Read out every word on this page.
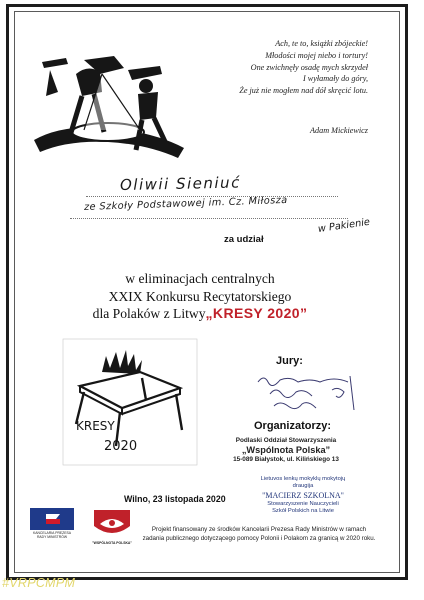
Ach, te to, książki zbójeckie!
Młodości mojej niebo i tortury!
One zwichnęły osadę mych skrzydeł
I wyłamały do góry,
Że już nie mogłem nad dół skręcić lotu.
Adam Mickiewicz
Oliwii Sieniuć
ze Szkoły Podstawowej im. Cz. Miłosza
w Pakienie
za udział
w eliminacjach centralnych
XXIX Konkursu Recytatorskiego
dla Polaków z Litwy„KRESY 2020”
KRESY
2020
Jury:
Organizatorzy:
Podlaski Oddział Stowarzyszenia
„Wspólnota Polska”
15-089 Białystok, ul. Kilińskiego 13
Lietuvos lenkų mokyklų mokytojų
draugija
"MACIERZ SZKOLNA"
Stowarzyszenie Nauczycieli
Szkół Polskich na Litwie
Wilno, 23 listopada 2020
KANCELARIA PREZESA
RADY MINISTRÓW
"WSPÓLNOTA POLSKA"
Projekt finansowany ze środków Kancelarii Prezesa Rady Ministrów w ramach
zadania publicznego dotyczącego pomocy Polonii i Polakom za granicą w 2020 roku.
#VRPCMPM
